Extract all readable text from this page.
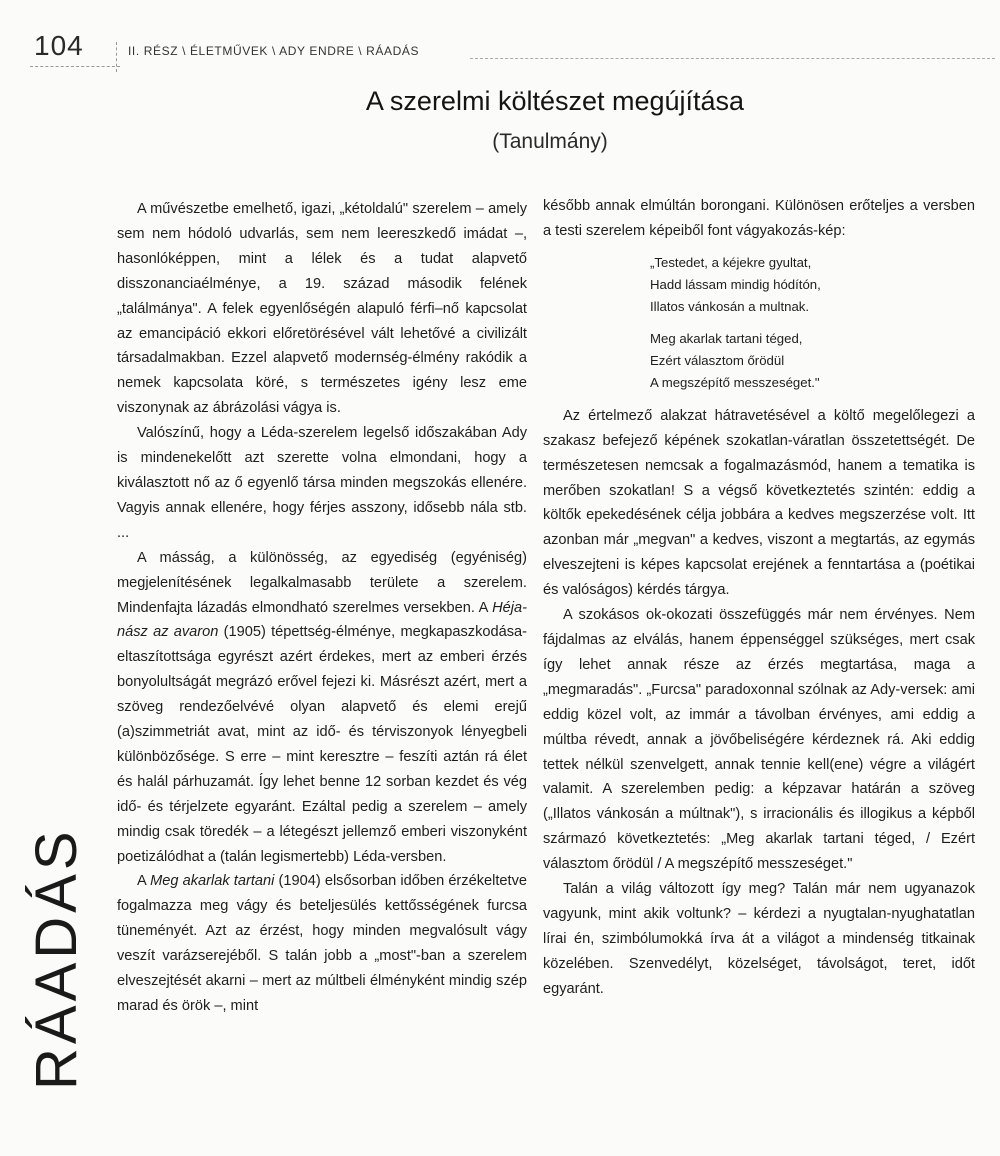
104	II. RÉSZ \ ÉLETMŰVEK \ ADY ENDRE \ RÁADÁS
A szerelmi költészet megújítása
(Tanulmány)
RÁADÁS

A művészetbe emelhető, igazi, „kétoldalú" szerelem – amely sem nem hódoló udvarlás, sem nem leereszkedő imádat –, hasonlóképpen, mint a lélek és a tudat alapvető disszonanciaélménye, a 19. század második felének „találmánya". A felek egyenlőségén alapuló férfi–nő kapcsolat az emancipáció ekkori előretörésével vált lehetővé a civilizált társadalmakban. Ezzel alapvető modernség-élmény rakódik a nemek kapcsolata köré, s természetes igény lesz eme viszonynak az ábrázolási vágya is.

Valószínű, hogy a Léda-szerelem legelső időszakában Ady is mindenekelőtt azt szerette volna elmondani, hogy a kiválasztott nő az ő egyenlő társa minden megszokás ellenére. Vagyis annak ellenére, hogy férjes asszony, idősebb nála stb. ...

A másság, a különösség, az egyediség (egyéniség) megjelenítésének legalkalmasabb területe a szerelem. Mindenfajta lázadás elmondható szerelmes versekben. A Héja-nász az avaron (1905) tépettség-élménye, megkapaszkodása-eltaszítottsága egyrészt azért érdekes, mert az emberi érzés bonyolultságát megrázó erővel fejezi ki. Másrészt azért, mert a szöveg rendezőelvévé olyan alapvető és elemi erejű (a)szimmetriát avat, mint az idő- és térviszonyok lényegbeli különbözősége. S erre – mint keresztre – feszíti aztán rá élet és halál párhuzamát. Így lehet benne 12 sorban kezdet és vég idő- és térjelzete egyaránt. Ezáltal pedig a szerelem – amely mindig csak töredék – a létegészt jellemző emberi viszonyként poetizálódhat a (talán legismertebb) Léda-versben.

A Meg akarlak tartani (1904) elsősorban időben érzékeltetve fogalmazza meg vágy és beteljesülés kettősségének furcsa tüneményét. Azt az érzést, hogy minden megvalósult vágy veszít varázserejéből. S talán jobb a „most"-ban a szerelem elveszejtését akarni – mert az múltbeli élményként mindig szép marad és örök –, mint

később annak elmúltán borongani. Különösen erőteljes a versben a testi szerelem képeiből font vágyakozás-kép:

„Testedet, a kéjekre gyultat,
Hadd lássam mindig hódítón,
Illatos vánkosán a multnak.
Meg akarlak tartani téged,
Ezért választom őrödül
A megszépítő messzeséget."

Az értelmező alakzat hátravetésével a költő megelőlegezi a szakasz befejező képének szokatlan-váratlan összetettségét. De természetesen nemcsak a fogalmazásmód, hanem a tematika is merőben szokatlan! S a végső következtetés szintén: eddig a költők epekedésének célja jobbára a kedves megszerzése volt. Itt azonban már „megvan" a kedves, viszont a megtartás, az egymás elveszejteni is képes kapcsolat erejének a fenntartása a (poétikai és valóságos) kérdés tárgya.

A szokásos ok-okozati összefüggés már nem érvényes. Nem fájdalmas az elválás, hanem éppenséggel szükséges, mert csak így lehet annak része az érzés megtartása, maga a „megmaradás". „Furcsa" paradoxonnal szólnak az Ady-versek: ami eddig közel volt, az immár a távolban érvényes, ami eddig a múltba révedt, annak a jövőbeliségére kérdeznek rá. Aki eddig tettek nélkül szenvelgett, annak tennie kell(ene) végre a világért valamit. A szerelemben pedig: a képzavar határán a szöveg („Illatos vánkosán a múltnak"), s irracionális és illogikus a képből származó következtetés: „Meg akarlak tartani téged, / Ezért választom őrödül / A megszépítő messzeséget."

Talán a világ változott így meg? Talán már nem ugyanazok vagyunk, mint akik voltunk? – kérdezi a nyugtalan-nyughatatlan lírai én, szimbólumokká írva át a világot a mindenség titkainak közelében. Szenvedélyt, közelséget, távolságot, teret, időt egyaránt.
